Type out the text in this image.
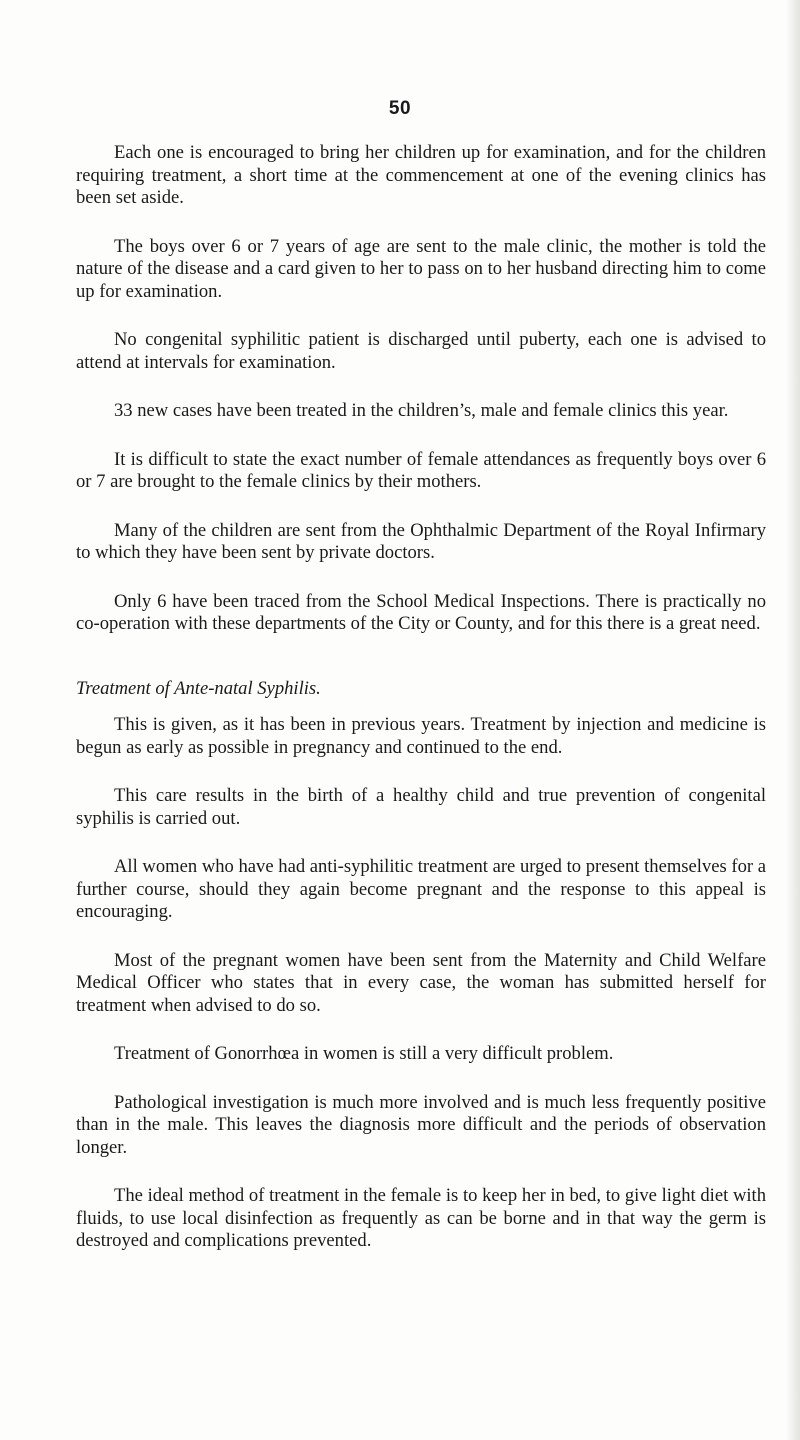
50

Each one is encouraged to bring her children up for examination, and for the children requiring treatment, a short time at the commencement at one of the evening clinics has been set aside.

The boys over 6 or 7 years of age are sent to the male clinic, the mother is told the nature of the disease and a card given to her to pass on to her husband directing him to come up for examination.

No congenital syphilitic patient is discharged until puberty, each one is advised to attend at intervals for examination.

33 new cases have been treated in the children’s, male and female clinics this year.

It is difficult to state the exact number of female attendances as frequently boys over 6 or 7 are brought to the female clinics by their mothers.

Many of the children are sent from the Ophthalmic Department of the Royal Infirmary to which they have been sent by private doctors.

Only 6 have been traced from the School Medical Inspections. There is practically no co-operation with these departments of the City or County, and for this there is a great need.

Treatment of Ante-natal Syphilis.

This is given, as it has been in previous years. Treatment by injection and medicine is begun as early as possible in pregnancy and continued to the end.

This care results in the birth of a healthy child and true prevention of congenital syphilis is carried out.

All women who have had anti-syphilitic treatment are urged to present themselves for a further course, should they again become pregnant and the response to this appeal is encouraging.

Most of the pregnant women have been sent from the Maternity and Child Welfare Medical Officer who states that in every case, the woman has submitted herself for treatment when advised to do so.

Treatment of Gonorrhœa in women is still a very difficult problem.

Pathological investigation is much more involved and is much less frequently positive than in the male. This leaves the diagnosis more difficult and the periods of observation longer.

The ideal method of treatment in the female is to keep her in bed, to give light diet with fluids, to use local disinfection as frequently as can be borne and in that way the germ is destroyed and complications prevented.
